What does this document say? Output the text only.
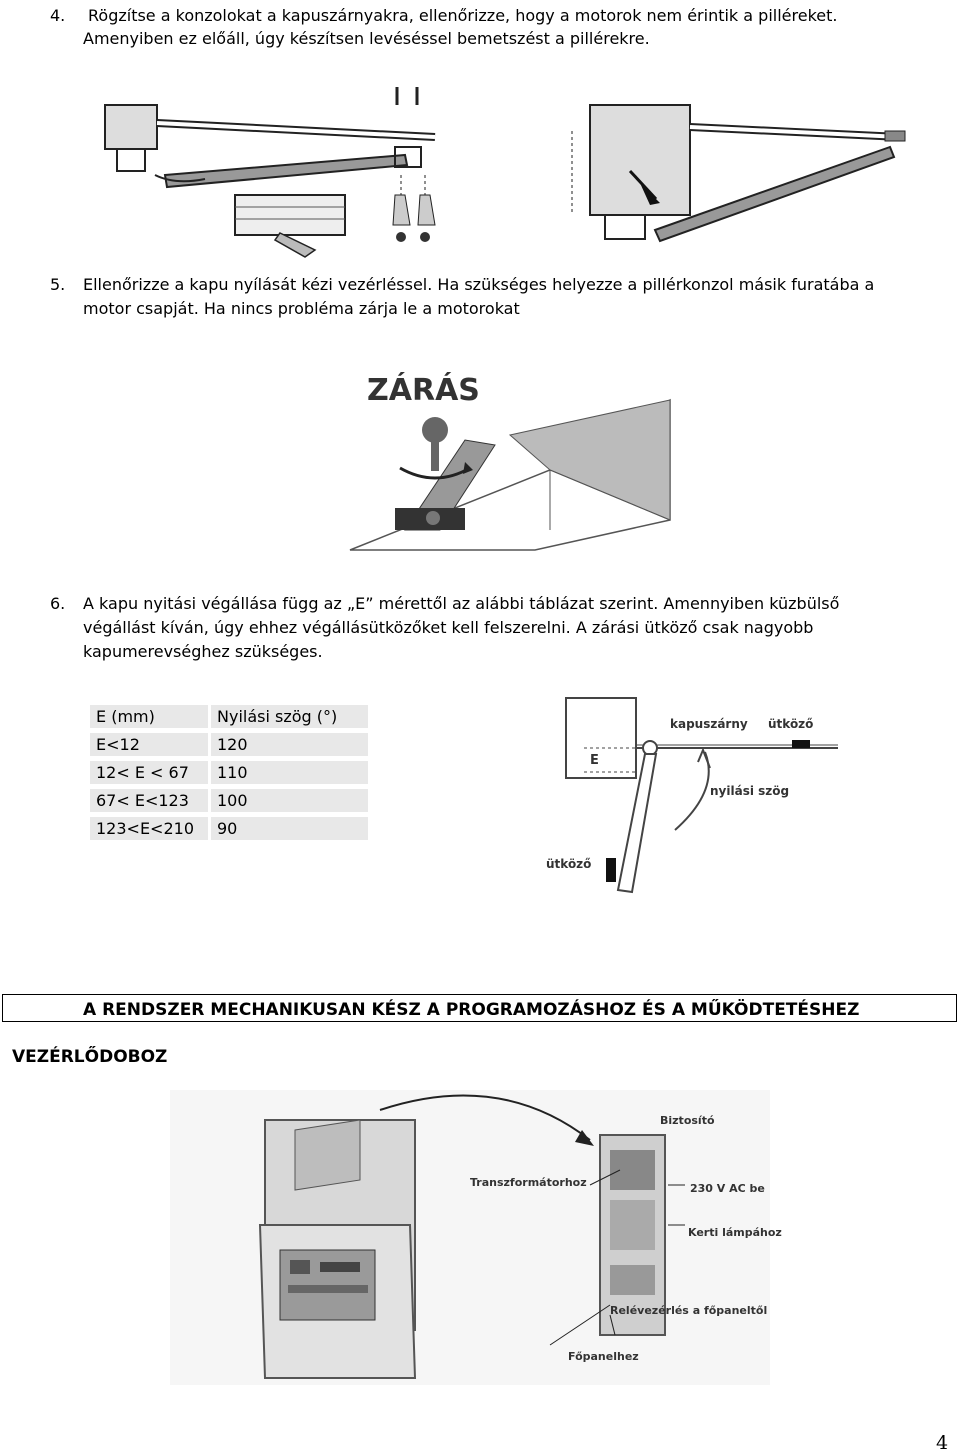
4. Rögzítse a konzolokat a kapuszárnyakra, ellenőrizze, hogy a motorok nem érintik a pilléreket.
Amenyiben ez előáll, úgy készítsen levéséssel bemetszést a pillérekre.
5. Ellenőrizze a kapu nyílását kézi vezérléssel. Ha szükséges helyezze a pillérkonzol másik furatába a
motor csapját. Ha nincs probléma zárja le a motorokat
ZÁRÁS
6. A kapu nyitási végállása függ az „E” mérettől az alábbi táblázat szerint. Amennyiben küzbülső
végállást kíván, úgy ehhez végállásütközőket kell felszerelni. A zárási ütköző csak nagyobb
kapumerevséghez szükséges.
E (mm)	Nyilási szög (°)
E<12	120
12< E < 67	110
67< E<123	100
123<E<210	90
kapuszárny ütköző
E
nyilási szög
ütköző
A RENDSZER MECHANIKUSAN KÉSZ A PROGRAMOZÁSHOZ ÉS A MŰKÖDTETÉSHEZ
VEZÉRLŐDOBOZ
Biztosító
Transzformátorhoz	230 V AC be
Kerti lámpához
Relévezérlés a főpaneltől
Főpanelhez
4
